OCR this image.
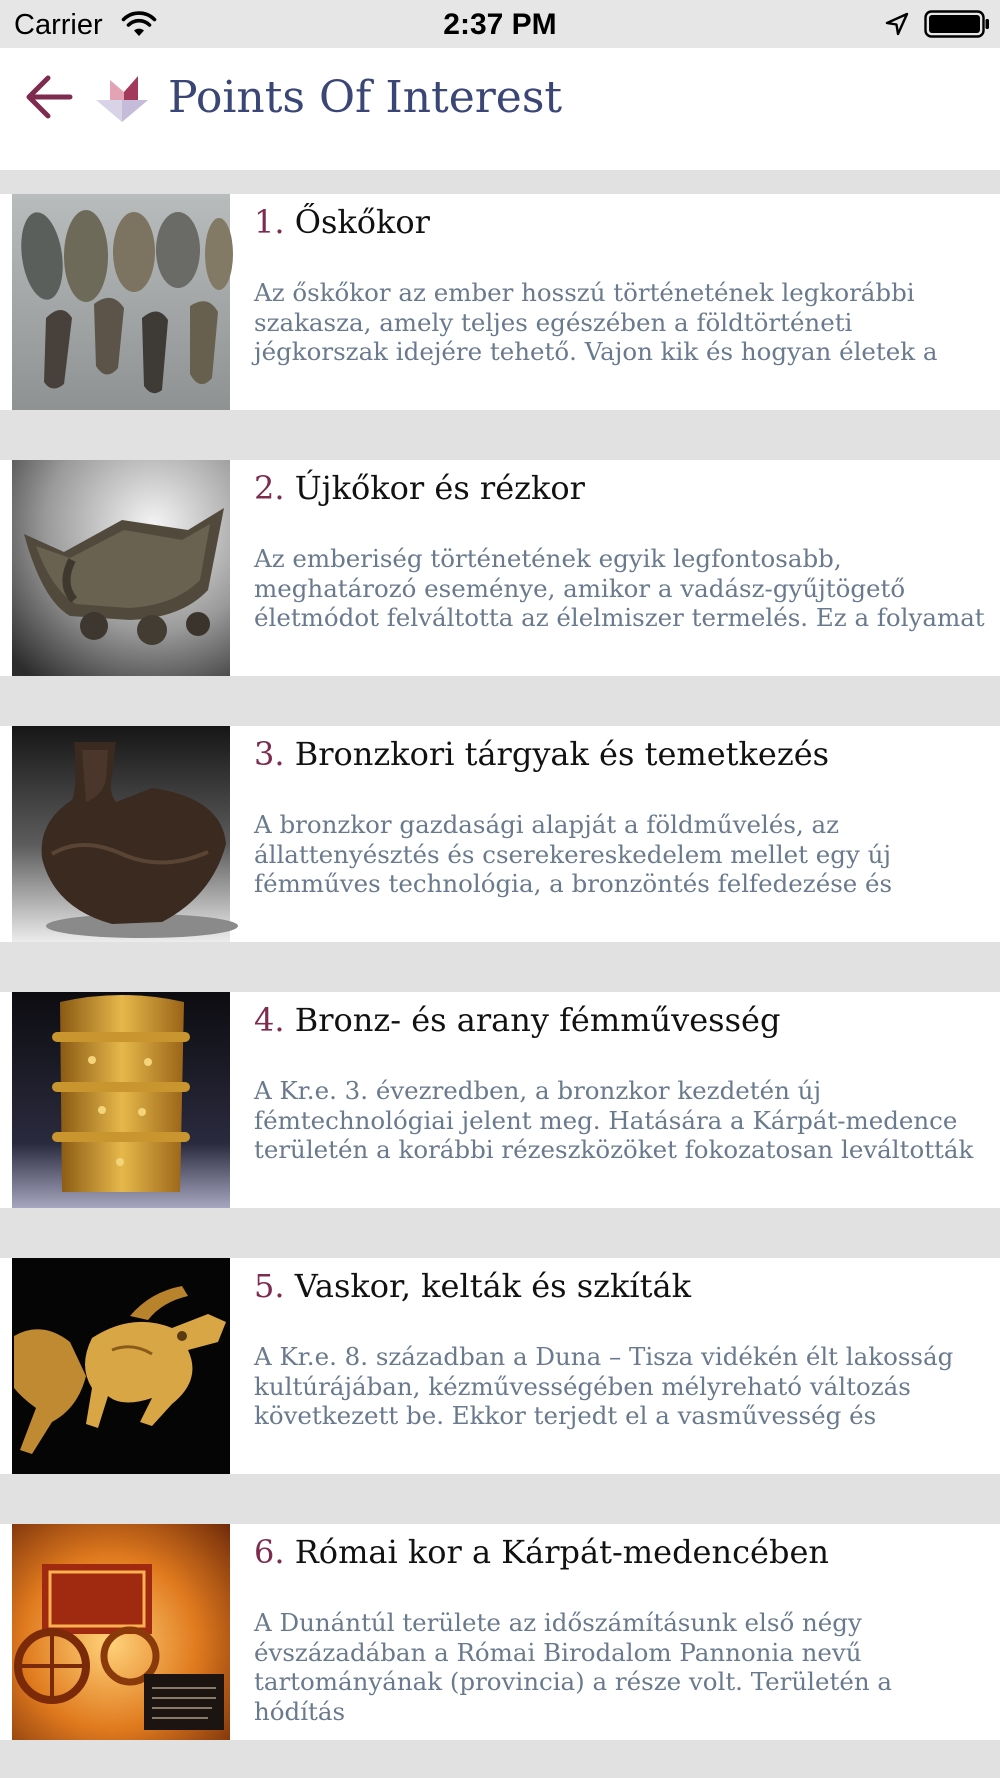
Carrier	2:37 PM
Points Of Interest
1. Őskőkor
Az őskőkor az ember hosszú történetének legkorábbi szakasza, amely teljes egészében a földtörténeti jégkorszak idejére tehető. Vajon kik és hogyan életek a
2. Újkőkor és rézkor
Az emberiség történetének egyik legfontosabb, meghatározó eseménye, amikor a vadász-gyűjtögető életmódot felváltotta az élelmiszer termelés. Ez a folyamat
3. Bronzkori tárgyak és temetkezés
A bronzkor gazdasági alapját a földművelés, az állattenyésztés és cserekereskedelem mellet egy új fémműves technológia, a bronzöntés felfedezése és
4. Bronz- és arany fémművesség
A Kr.e. 3. évezredben, a bronzkor kezdetén új fémtechnológiai jelent meg. Hatására a Kárpát-medence területén a korábbi rézeszközöket fokozatosan leváltották
5. Vaskor, kelták és szkíták
A Kr.e. 8. században a Duna – Tisza vidékén élt lakosság kultúrájában, kézművességében mélyreható változás következett be. Ekkor terjedt el a vasművesség és
6. Római kor a Kárpát-medencében
A Dunántúl területe az időszámításunk első négy évszázadában a Római Birodalom Pannonia nevű tartományának (provincia) a része volt. Területén a hódítás
